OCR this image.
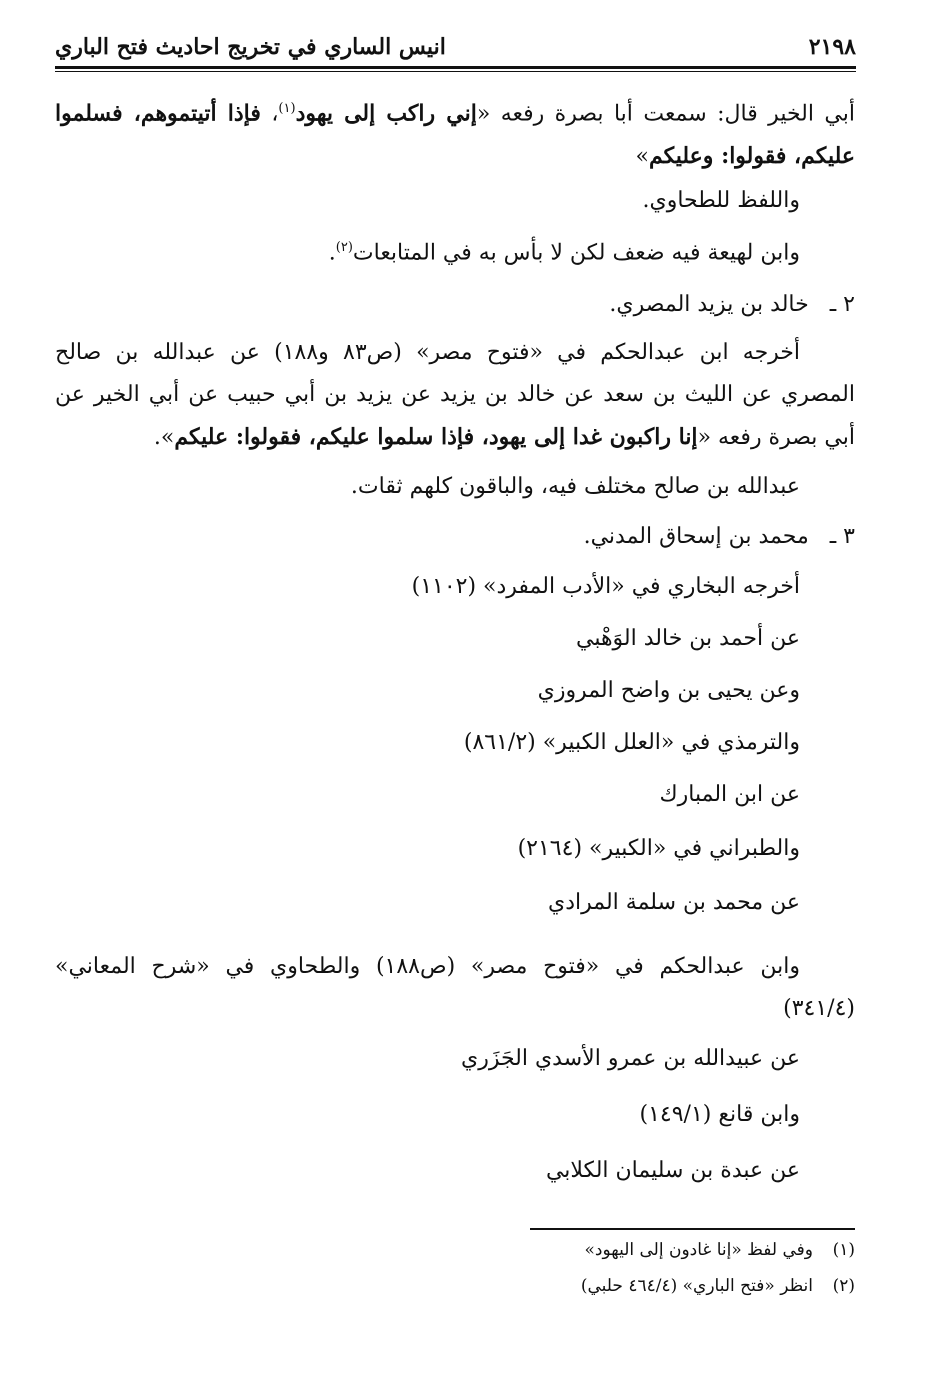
٢١٩٨
انيس الساري في تخريج احاديث فتح الباري
أبي الخير قال: سمعت أبا بصرة رفعه «إني راكب إلى يهود$^{(١)}$، فإذا أتيتموهم، فسلموا عليكم، فقولوا: وعليكم»
واللفظ للطحاوي.
وابن لهيعة فيه ضعف لكن لا بأس به في المتابعات$^{(٢)}$.
٢ ـ   خالد بن يزيد المصري.
أخرجه ابن عبدالحكم في «فتوح مصر» (ص٨٣ و١٨٨) عن عبدالله بن صالح المصري عن الليث بن سعد عن خالد بن يزيد عن يزيد بن أبي حبيب عن أبي الخير عن أبي بصرة رفعه «إنا راكبون غدا إلى يهود، فإذا سلموا عليكم، فقولوا: عليكم».
عبدالله بن صالح مختلف فيه، والباقون كلهم ثقات.
٣ ـ   محمد بن إسحاق المدني.
أخرجه البخاري في «الأدب المفرد» (١١٠٢)
عن أحمد بن خالد الوَهْبي
وعن يحيى بن واضح المروزي
والترمذي في «العلل الكبير» (٨٦١/٢)
عن ابن المبارك
والطبراني في «الكبير» (٢١٦٤)
عن محمد بن سلمة المرادي
وابن عبدالحكم في «فتوح مصر» (ص١٨٨) والطحاوي في «شرح المعاني» (٣٤١/٤)
عن عبيدالله بن عمرو الأسدي الجَزَري
وابن قانع (١٤٩/١)
عن عبدة بن سليمان الكلابي
(١)وفي لفظ «إنا غادون إلى اليهود»
(٢)انظر «فتح الباري» (٤٦٤/٤ حلبي)
